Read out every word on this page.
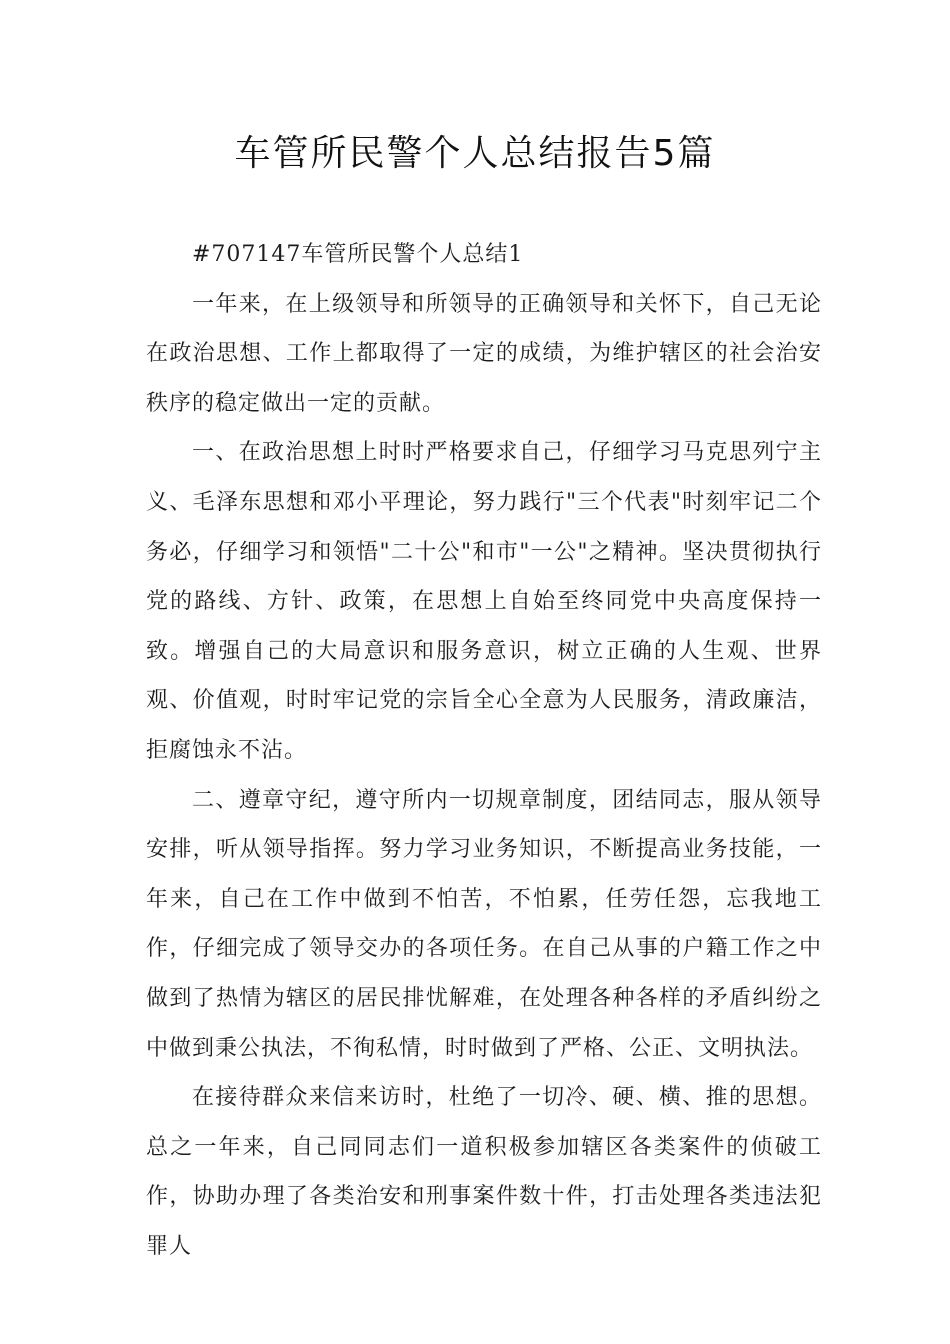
车管所民警个人总结报告5篇

#707147车管所民警个人总结1

一年来，在上级领导和所领导的正确领导和关怀下，自己无论在政治思想、工作上都取得了一定的成绩，为维护辖区的社会治安秩序的稳定做出一定的贡献。

一、在政治思想上时时严格要求自己，仔细学习马克思列宁主义、毛泽东思想和邓小平理论，努力践行"三个代表"时刻牢记二个务必，仔细学习和领悟"二十公"和市"一公"之精神。坚决贯彻执行党的路线、方针、政策，在思想上自始至终同党中央高度保持一致。增强自己的大局意识和服务意识，树立正确的人生观、世界观、价值观，时时牢记党的宗旨全心全意为人民服务，清政廉洁，拒腐蚀永不沾。

二、遵章守纪，遵守所内一切规章制度，团结同志，服从领导安排，听从领导指挥。努力学习业务知识，不断提高业务技能，一年来，自己在工作中做到不怕苦，不怕累，任劳任怨，忘我地工作，仔细完成了领导交办的各项任务。在自己从事的户籍工作之中做到了热情为辖区的居民排忧解难，在处理各种各样的矛盾纠纷之中做到秉公执法，不徇私情，时时做到了严格、公正、文明执法。

在接待群众来信来访时，杜绝了一切冷、硬、横、推的思想。总之一年来，自己同同志们一道积极参加辖区各类案件的侦破工作，协助办理了各类治安和刑事案件数十件，打击处理各类违法犯罪人
